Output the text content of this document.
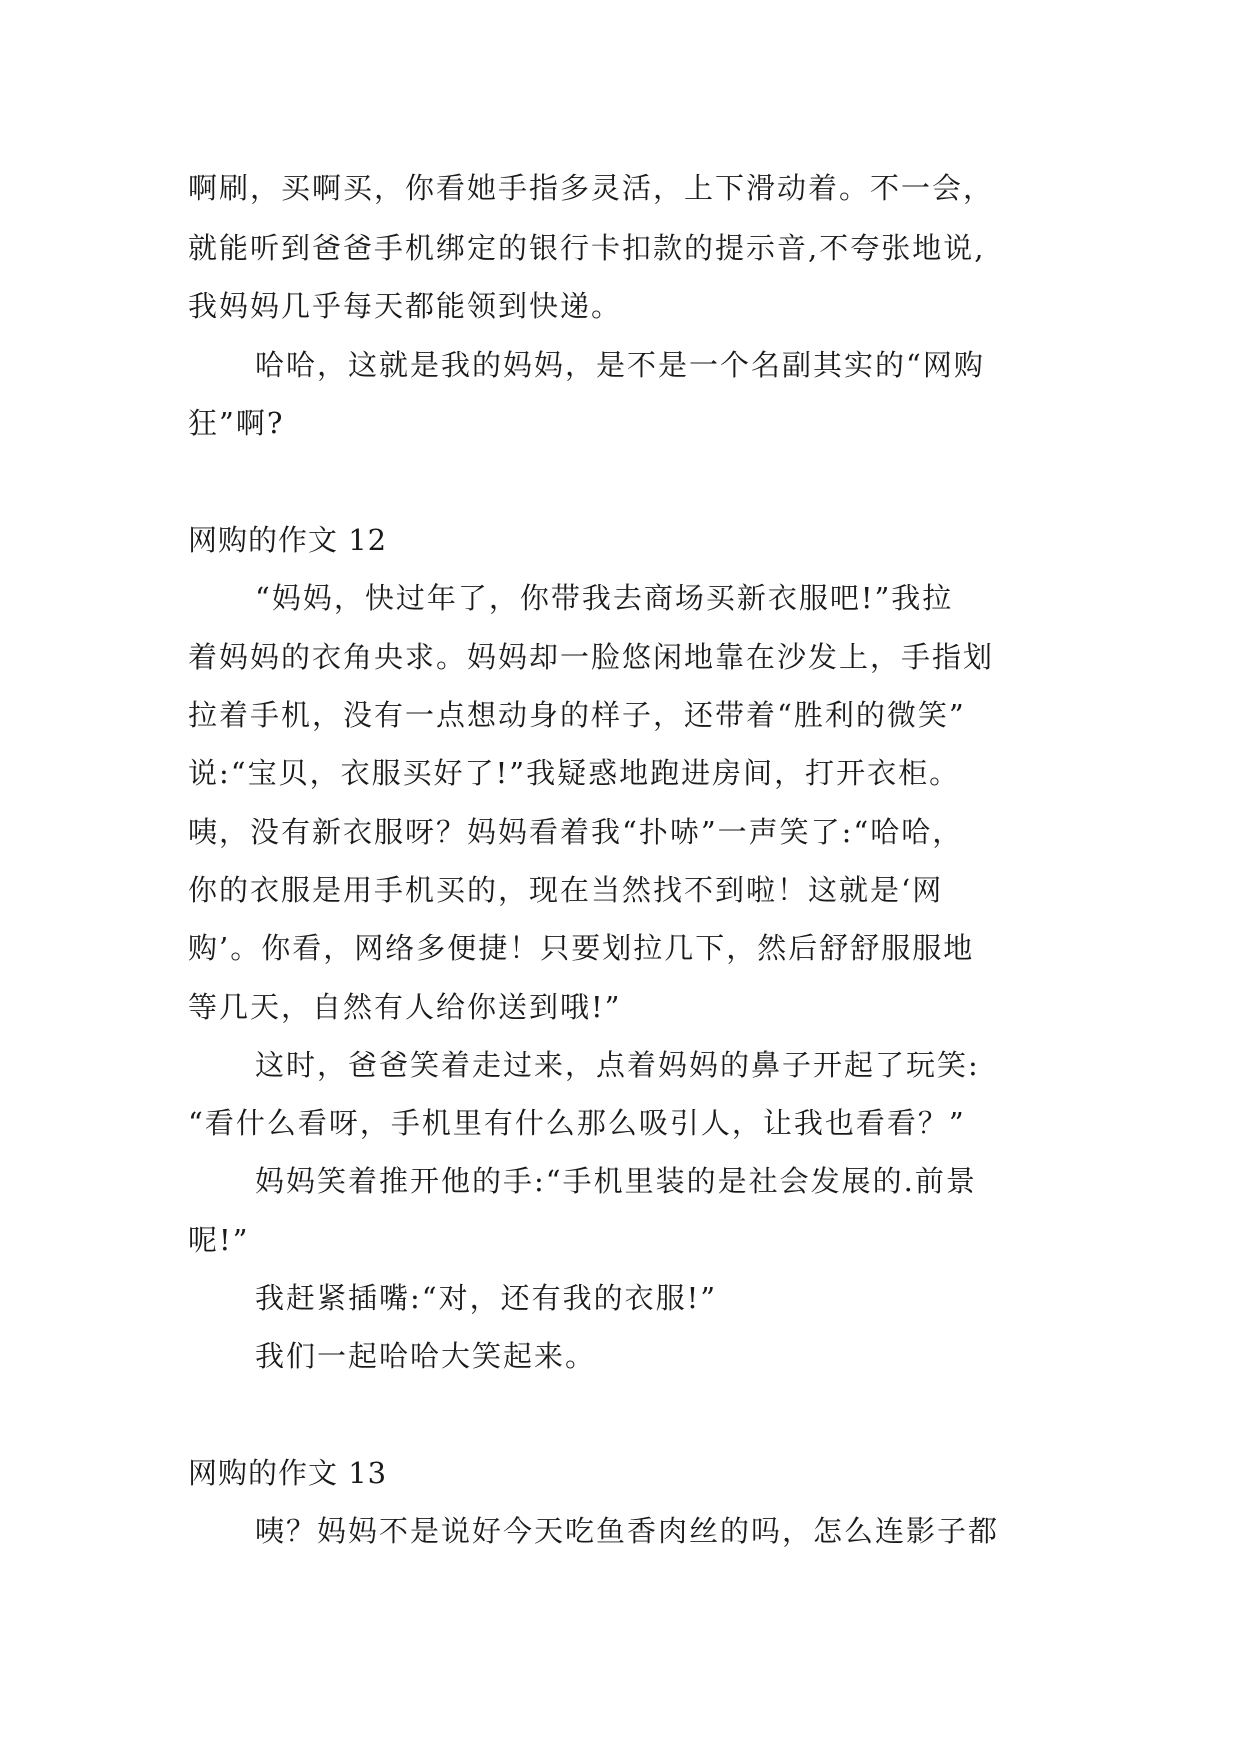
啊刷，买啊买，你看她手指多灵活，上下滑动着。不一会，

就能听到爸爸手机绑定的银行卡扣款的提示音,不夸张地说,

我妈妈几乎每天都能领到快递。

哈哈，这就是我的妈妈，是不是一个名副其实的“网购

狂”啊?

网购的作文 12

“妈妈，快过年了，你带我去商场买新衣服吧!”我拉

着妈妈的衣角央求。妈妈却一脸悠闲地靠在沙发上，手指划

拉着手机，没有一点想动身的样子，还带着“胜利的微笑”

说:“宝贝，衣服买好了!”我疑惑地跑进房间，打开衣柜。

咦，没有新衣服呀？妈妈看着我“扑哧”一声笑了:“哈哈，

你的衣服是用手机买的，现在当然找不到啦！这就是‘网

购’。你看，网络多便捷！只要划拉几下，然后舒舒服服地

等几天，自然有人给你送到哦!”

这时，爸爸笑着走过来，点着妈妈的鼻子开起了玩笑:

“看什么看呀，手机里有什么那么吸引人，让我也看看？”

妈妈笑着推开他的手:“手机里装的是社会发展的.前景

呢!”

我赶紧插嘴:“对，还有我的衣服!”

我们一起哈哈大笑起来。

网购的作文 13

咦？妈妈不是说好今天吃鱼香肉丝的吗，怎么连影子都
